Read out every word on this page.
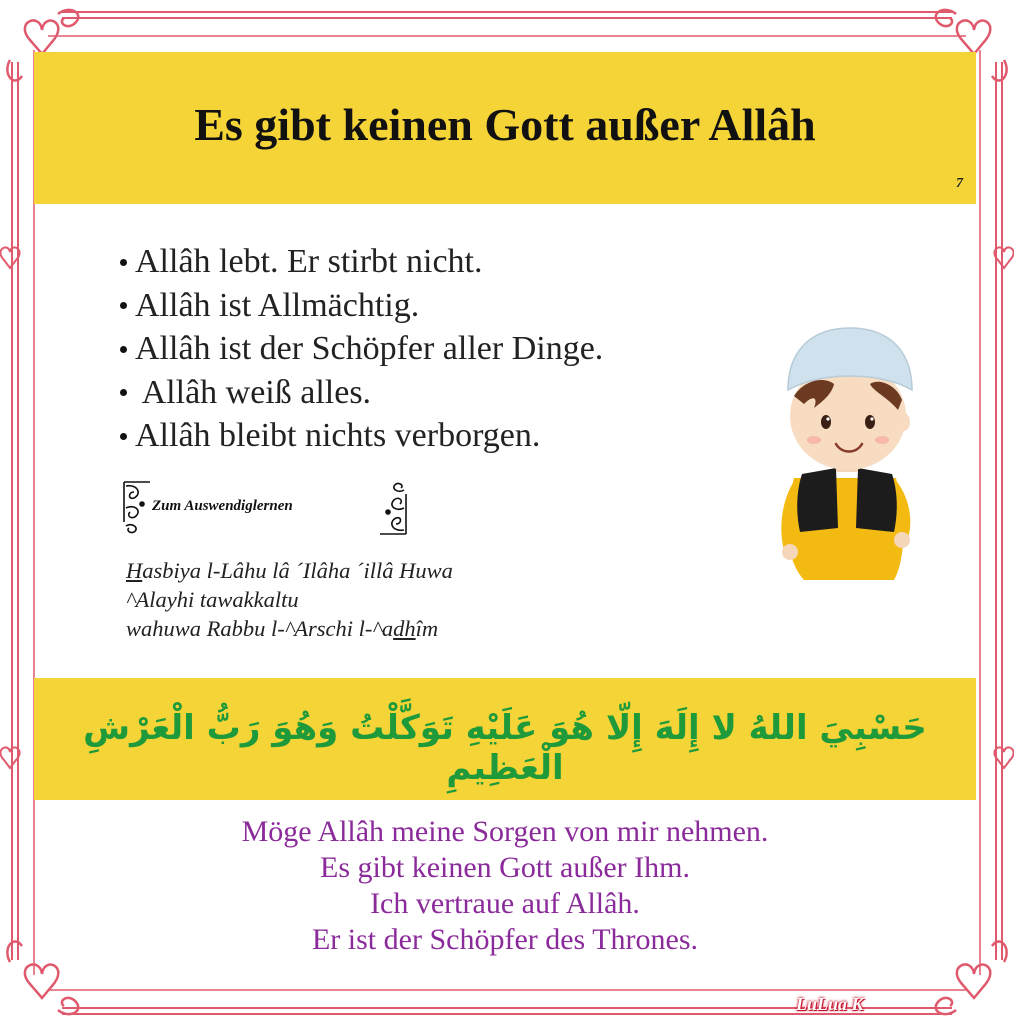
Es gibt keinen Gott außer Allâh
7
Allâh lebt. Er stirbt nicht.
Allâh ist Allmächtig.
Allâh ist der Schöpfer aller Dinge.
Allâh weiß alles.
Allâh bleibt nichts verborgen.
Zum Auswendiglernen
Hasbiya l-Lâhu lâ ´Ilâha ´illâ Huwa
^Alayhi tawakkaltu
wahuwa Rabbu l-^Arschi l-^adhîm

حَسْبِيَ اللهُ لا إِلَهَ إِلّا هُوَ عَلَيْهِ تَوَكَّلْتُ وَهُوَ رَبُّ الْعَرْشِ الْعَظِيمِ

Möge Allâh meine Sorgen von mir nehmen.
Es gibt keinen Gott außer Ihm.
Ich vertraue auf Allâh.
Er ist der Schöpfer des Thrones.
LuLua K
